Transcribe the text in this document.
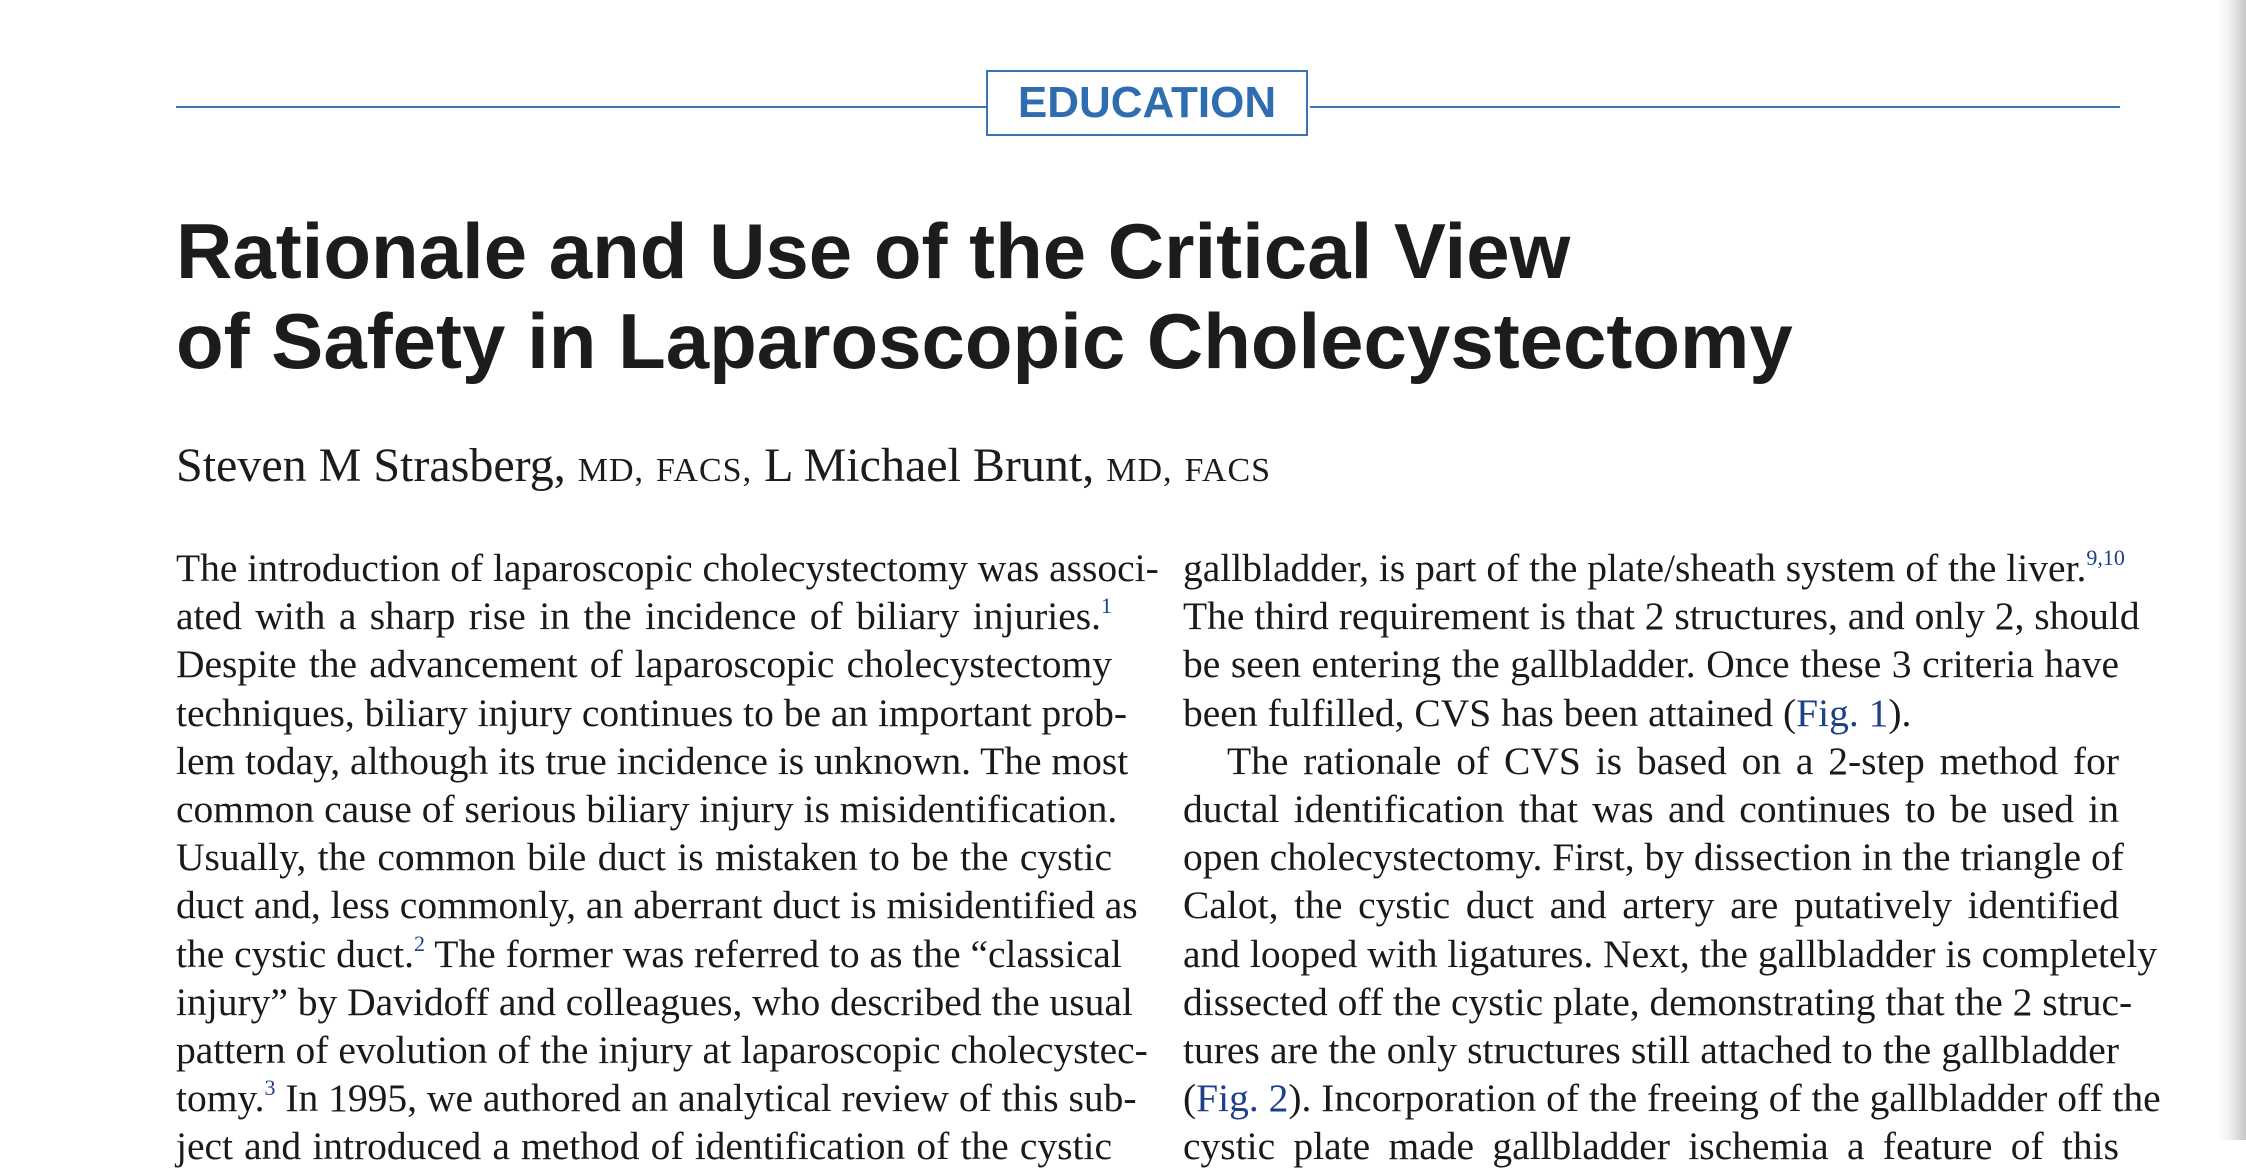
EDUCATION
Rationale and Use of the Critical View
of Safety in Laparoscopic Cholecystectomy
Steven M Strasberg, MD, FACS, L Michael Brunt, MD, FACS
The introduction of laparoscopic cholecystectomy was associ-
ated with a sharp rise in the incidence of biliary injuries.$^1$
Despite the advancement of laparoscopic cholecystectomy
techniques, biliary injury continues to be an important prob-
lem today, although its true incidence is unknown. The most
common cause of serious biliary injury is misidentification.
Usually, the common bile duct is mistaken to be the cystic
duct and, less commonly, an aberrant duct is misidentified as
the cystic duct.$^2$ The former was referred to as the “classical
injury” by Davidoff and colleagues, who described the usual
pattern of evolution of the injury at laparoscopic cholecystec-
tomy.$^3$ In 1995, we authored an analytical review of this sub-
ject and introduced a method of identification of the cystic
gallbladder, is part of the plate/sheath system of the liver.$^{9,10}$
The third requirement is that 2 structures, and only 2, should
be seen entering the gallbladder. Once these 3 criteria have
been fulfilled, CVS has been attained (Fig. 1).
The rationale of CVS is based on a 2-step method for
ductal identification that was and continues to be used in
open cholecystectomy. First, by dissection in the triangle of
Calot, the cystic duct and artery are putatively identified
and looped with ligatures. Next, the gallbladder is completely
dissected off the cystic plate, demonstrating that the 2 struc-
tures are the only structures still attached to the gallbladder
(Fig. 2). Incorporation of the freeing of the gallbladder off the
cystic plate made gallbladder ischemia a feature of this
